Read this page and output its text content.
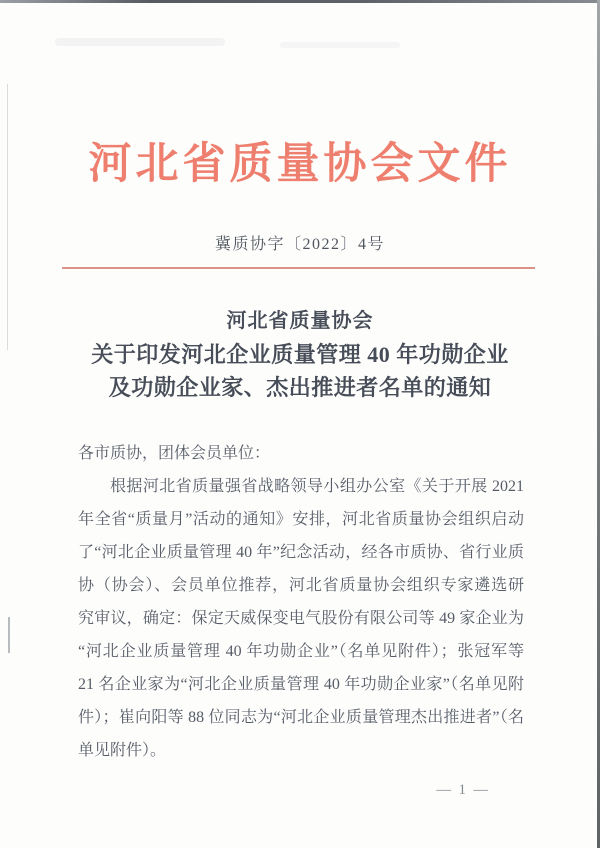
河北省质量协会文件
冀质协字〔2022〕4号
河北省质量协会
关于印发河北企业质量管理 40 年功勋企业
及功勋企业家、杰出推进者名单的通知
各市质协，团体会员单位：
根据河北省质量强省战略领导小组办公室《关于开展 2021
年全省“质量月”活动的通知》安排，河北省质量协会组织启动
了“河北企业质量管理 40 年”纪念活动，经各市质协、省行业质
协（协会）、会员单位推荐，河北省质量协会组织专家遴选研
究审议，确定：保定天威保变电气股份有限公司等 49 家企业为
“河北企业质量管理 40 年功勋企业”（名单见附件）；张冠军等
21 名企业家为“河北企业质量管理 40 年功勋企业家”（名单见附
件）；崔向阳等 88 位同志为“河北企业质量管理杰出推进者”（名
单见附件）。
— 1 —
